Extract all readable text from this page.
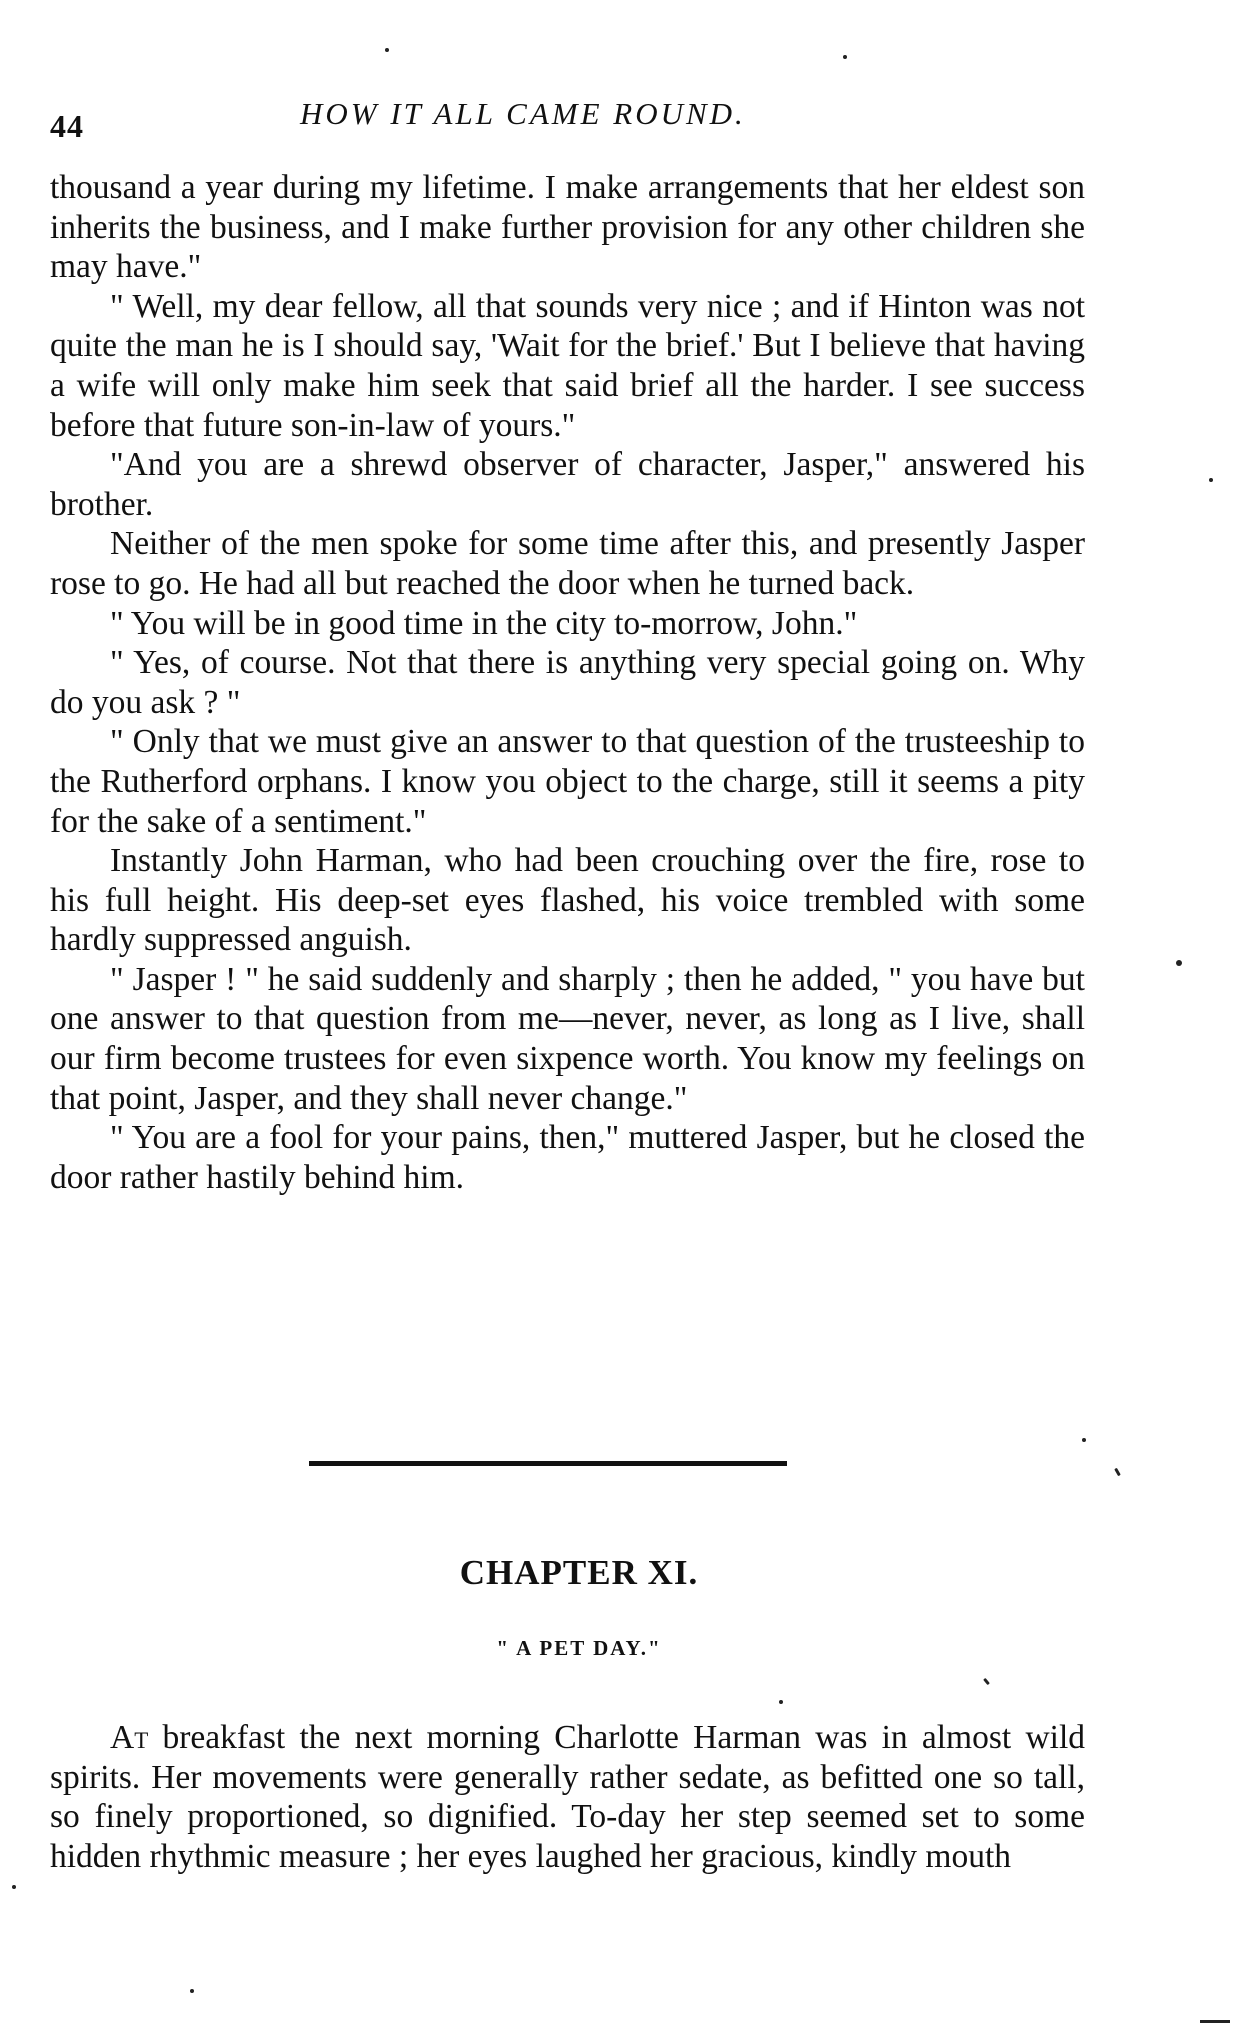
44	HOW IT ALL CAME ROUND.

thousand a year during my lifetime. I make arrangements that her eldest son inherits the business, and I make further provision for any other children she may have."

" Well, my dear fellow, all that sounds very nice ; and if Hinton was not quite the man he is I should say, 'Wait for the brief.' But I believe that having a wife will only make him seek that said brief all the harder. I see success before that future son-in-law of yours."

"And you are a shrewd observer of character, Jasper," answered his brother.

Neither of the men spoke for some time after this, and presently Jasper rose to go. He had all but reached the door when he turned back.

" You will be in good time in the city to-morrow, John."

" Yes, of course. Not that there is anything very special going on. Why do you ask ? "

" Only that we must give an answer to that question of the trusteeship to the Rutherford orphans. I know you object to the charge, still it seems a pity for the sake of a sentiment."

Instantly John Harman, who had been crouching over the fire, rose to his full height. His deep-set eyes flashed, his voice trembled with some hardly suppressed anguish.

" Jasper ! " he said suddenly and sharply ; then he added, " you have but one answer to that question from me—never, never, as long as I live, shall our firm become trustees for even sixpence worth. You know my feelings on that point, Jasper, and they shall never change."

" You are a fool for your pains, then," muttered Jasper, but he closed the door rather hastily behind him.

CHAPTER XI.
" A PET DAY."

At breakfast the next morning Charlotte Harman was in almost wild spirits. Her movements were generally rather sedate, as befitted one so tall, so finely proportioned, so dignified. To-day her step seemed set to some hidden rhythmic measure ; her eyes laughed her gracious, kindly mouth
